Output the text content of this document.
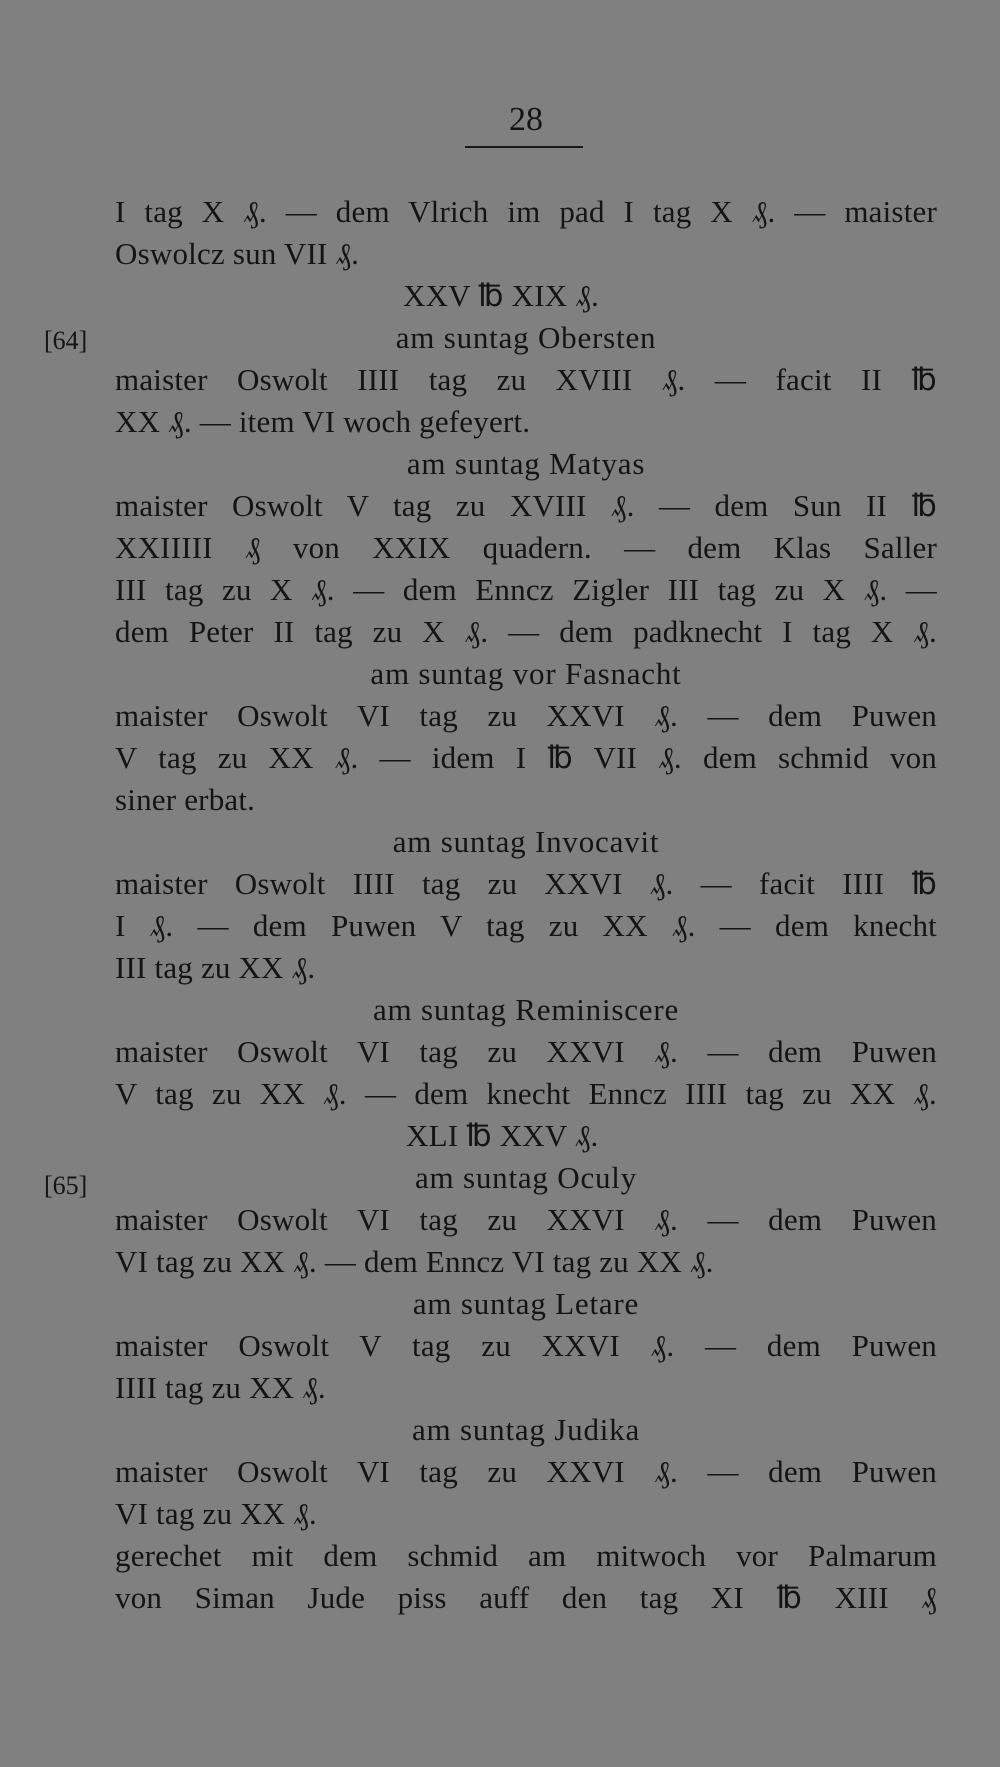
28
[64]
[65]
I tag X ₰. — dem Vlrich im pad I tag X ₰. — maister
Oswolcz sun VII ₰.
XXV ℔ XIX ₰.
am suntag Obersten
maister Oswolt IIII tag zu XVIII ₰. — facit II ℔
XX ₰. — item VI woch gefeyert.
am suntag Matyas
maister Oswolt V tag zu XVIII ₰. — dem Sun II ℔
XXIIIII ₰ von XXIX quadern. — dem Klas Saller
III tag zu X ₰. — dem Enncz Zigler III tag zu X ₰. —
dem Peter II tag zu X ₰. — dem padknecht I tag X ₰.
am suntag vor Fasnacht
maister Oswolt VI tag zu XXVI ₰. — dem Puwen
V tag zu XX ₰. — idem I ℔ VII ₰. dem schmid von
siner erbat.
am suntag Invocavit
maister Oswolt IIII tag zu XXVI ₰. — facit IIII ℔
I ₰. — dem Puwen V tag zu XX ₰. — dem knecht
III tag zu XX ₰.
am suntag Reminiscere
maister Oswolt VI tag zu XXVI ₰. — dem Puwen
V tag zu XX ₰. — dem knecht Enncz IIII tag zu XX ₰.
XLI ℔ XXV ₰.
am suntag Oculy
maister Oswolt VI tag zu XXVI ₰. — dem Puwen
VI tag zu XX ₰. — dem Enncz VI tag zu XX ₰.
am suntag Letare
maister Oswolt V tag zu XXVI ₰. — dem Puwen
IIII tag zu XX ₰.
am suntag Judika
maister Oswolt VI tag zu XXVI ₰. — dem Puwen
VI tag zu XX ₰.
gerechet mit dem schmid am mitwoch vor Palmarum
von Siman Jude piss auff den tag XI ℔ XIII ₰
